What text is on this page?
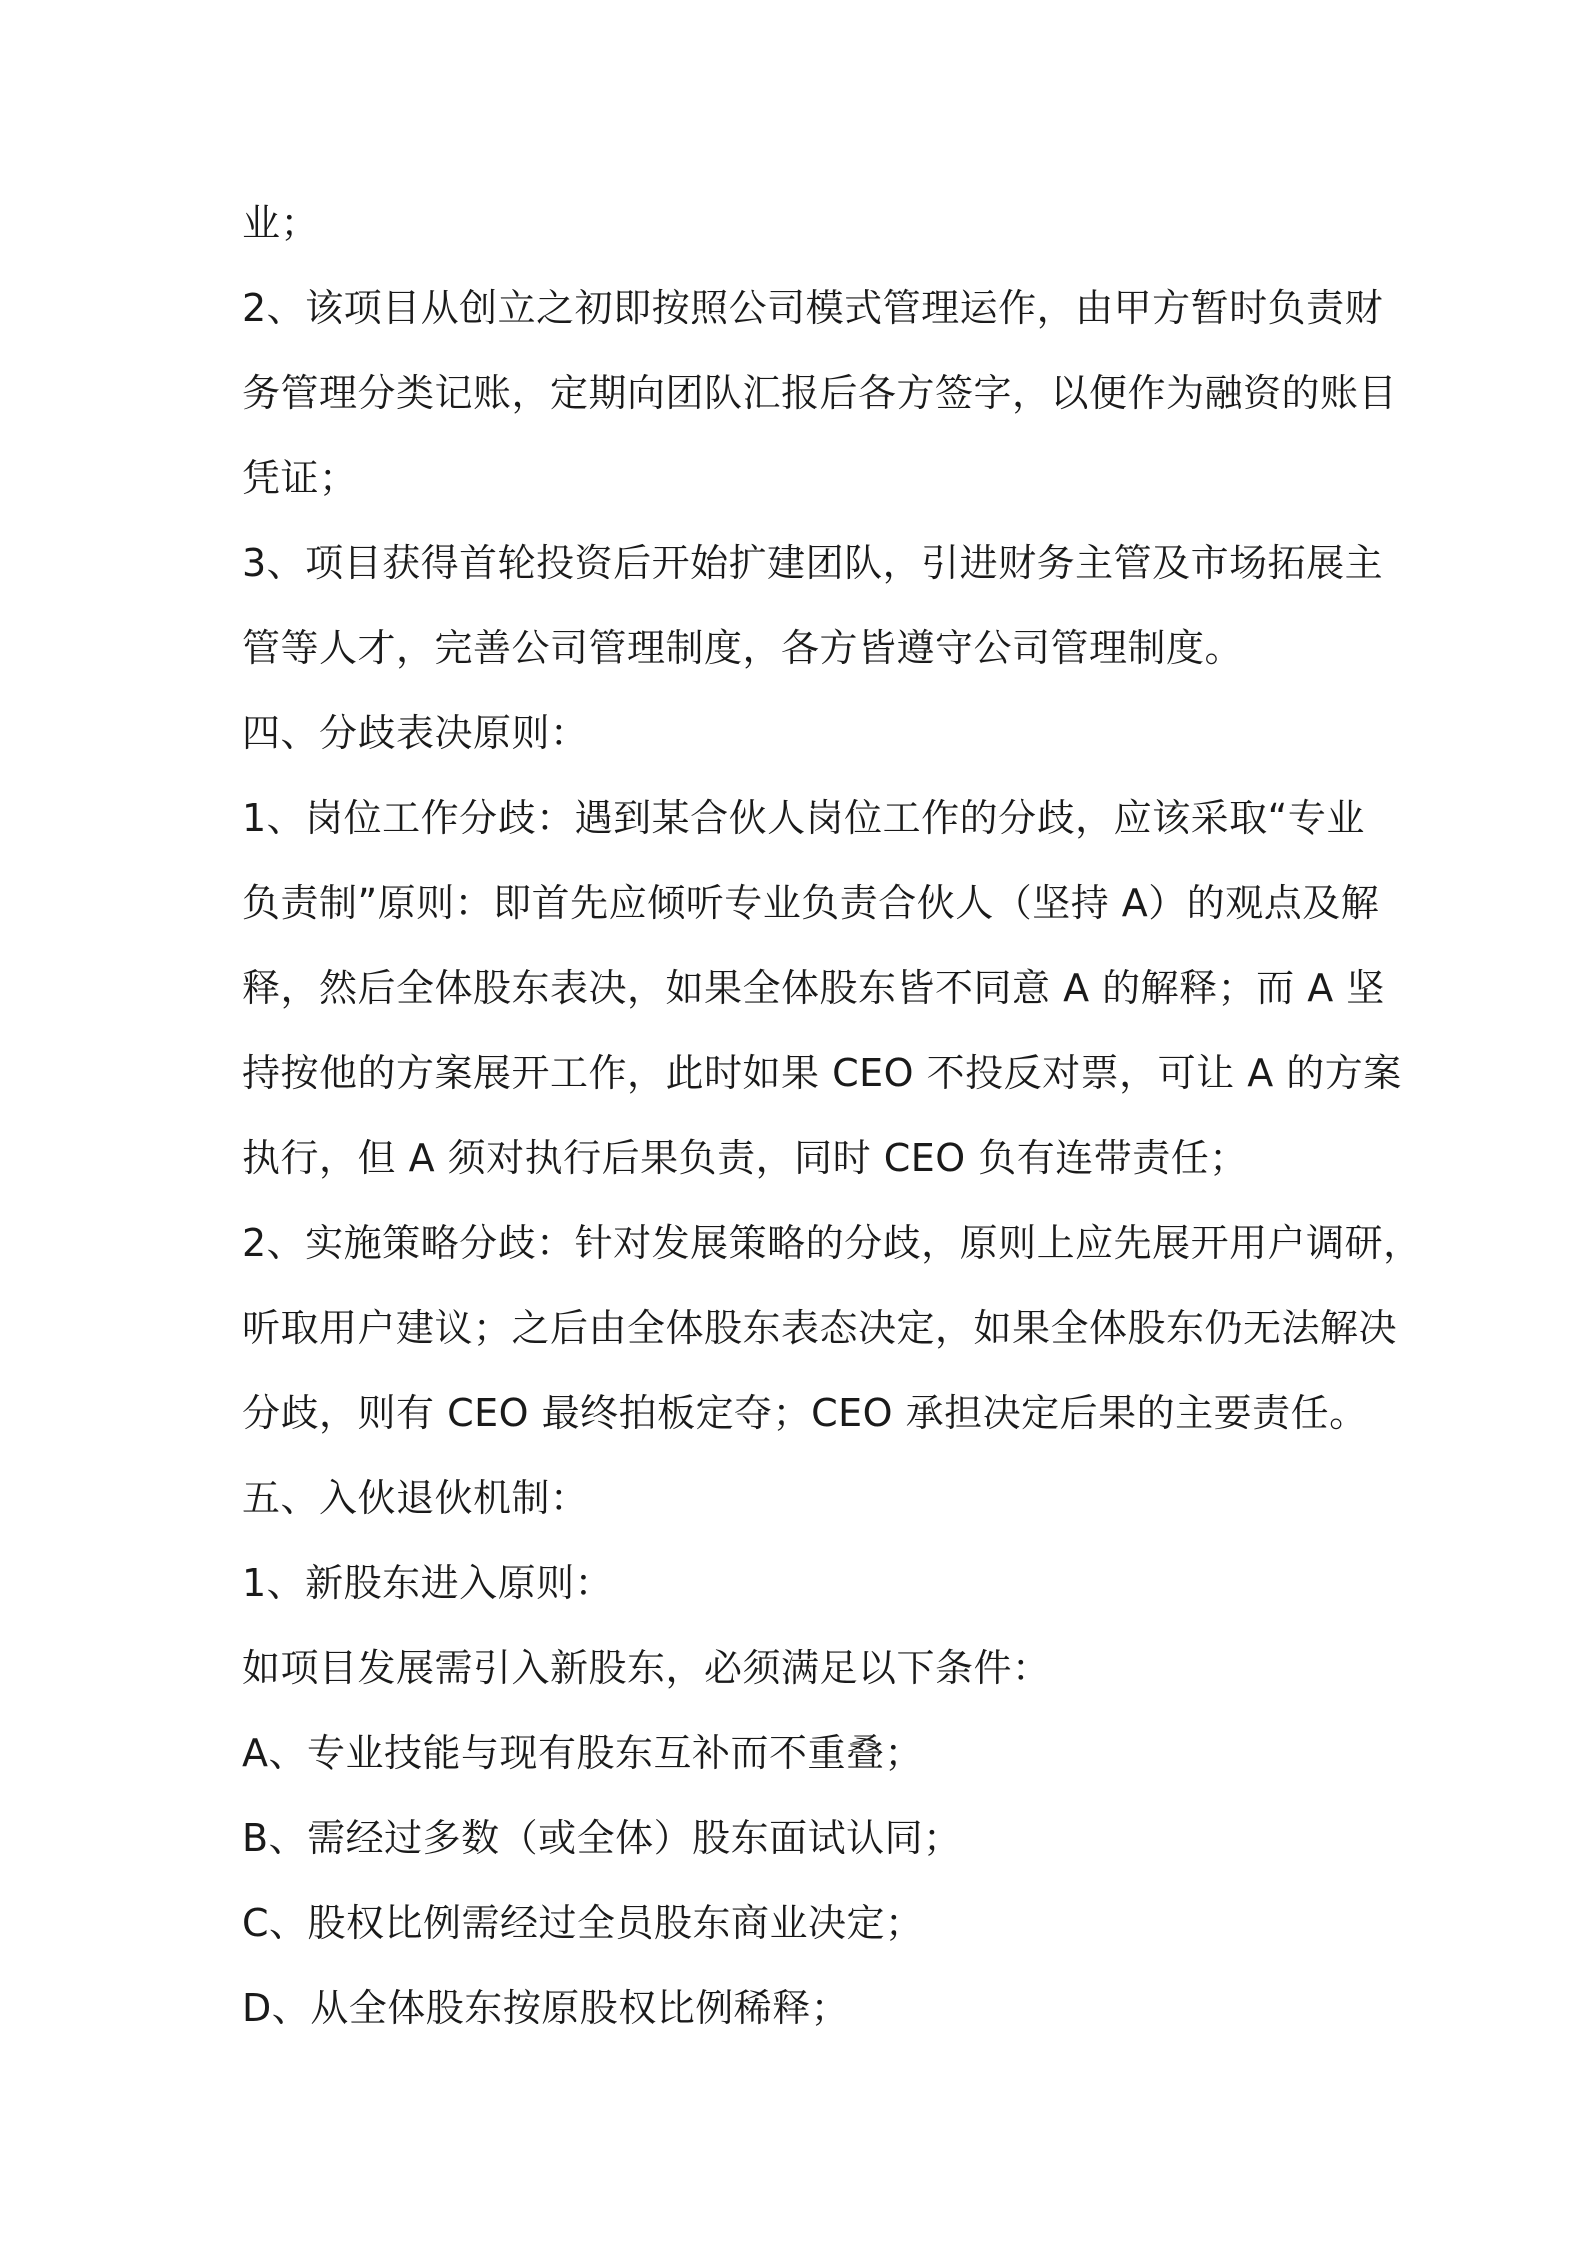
业；
2、该项目从创立之初即按照公司模式管理运作，由甲方暂时负责财
务管理分类记账，定期向团队汇报后各方签字，以便作为融资的账目
凭证；
3、项目获得首轮投资后开始扩建团队，引进财务主管及市场拓展主
管等人才，完善公司管理制度，各方皆遵守公司管理制度。
四、分歧表决原则：
1、岗位工作分歧：遇到某合伙人岗位工作的分歧，应该采取“专业
负责制”原则：即首先应倾听专业负责合伙人（坚持 A）的观点及解
释，然后全体股东表决，如果全体股东皆不同意 A 的解释；而 A 坚
持按他的方案展开工作，此时如果 CEO 不投反对票，可让 A 的方案
执行，但 A 须对执行后果负责，同时 CEO 负有连带责任；
2、实施策略分歧：针对发展策略的分歧，原则上应先展开用户调研，
听取用户建议；之后由全体股东表态决定，如果全体股东仍无法解决
分歧，则有 CEO 最终拍板定夺；CEO 承担决定后果的主要责任。
五、入伙退伙机制：
1、新股东进入原则：
如项目发展需引入新股东，必须满足以下条件：
A、专业技能与现有股东互补而不重叠；
B、需经过多数（或全体）股东面试认同；
C、股权比例需经过全员股东商业决定；
D、从全体股东按原股权比例稀释；
